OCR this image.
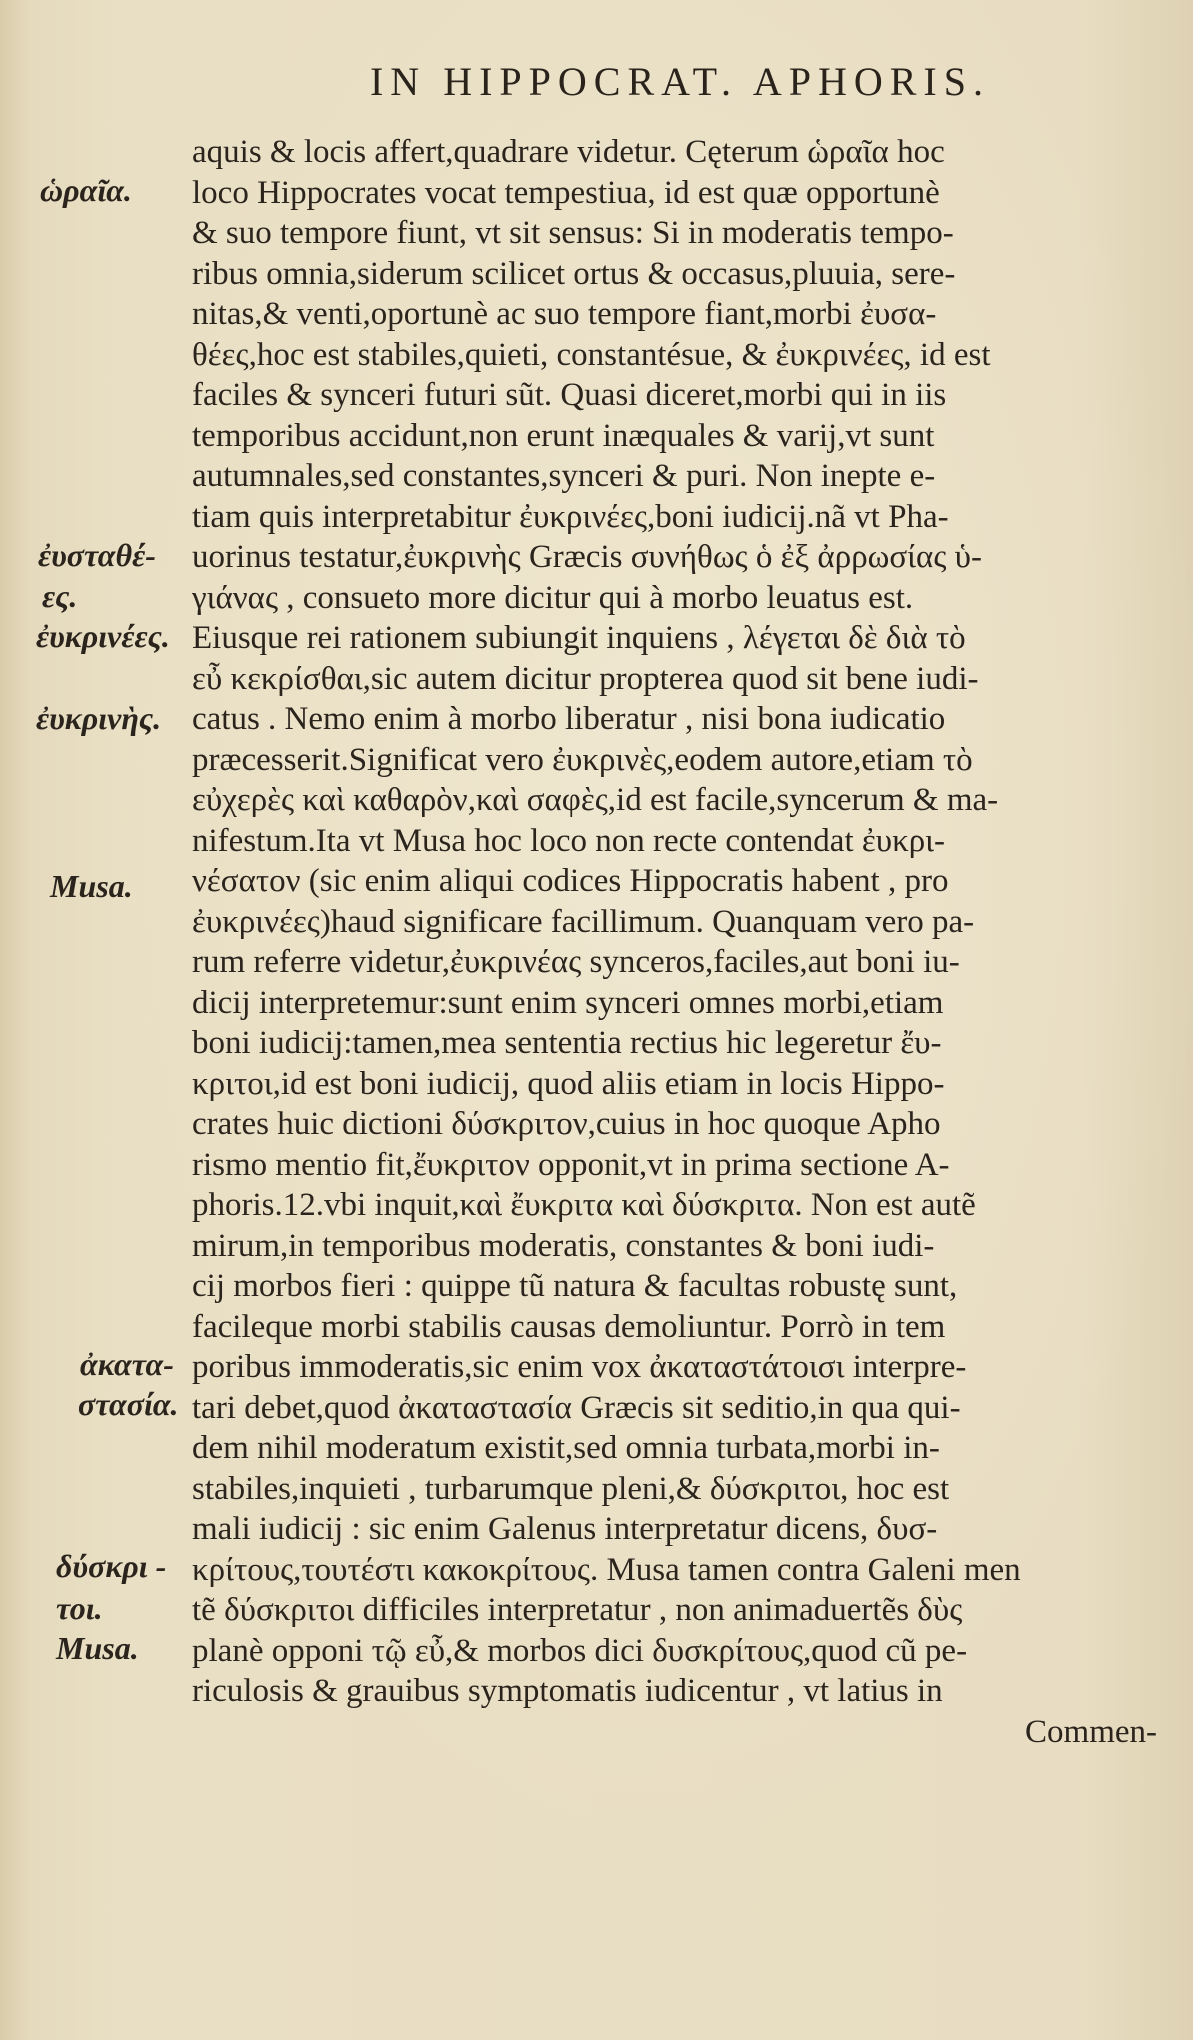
IN HIPPOCRAT. APHORIS.
aquis & locis affert,quadrare videtur. Cęterum ὡραῖα hoc
loco Hippocrates vocat tempestiua, id est quæ opportunè
& suo tempore fiunt, vt sit sensus: Si in moderatis tempo-
ribus omnia,siderum scilicet ortus & occasus,pluuia, sere-
nitas,& venti,oportunè ac suo tempore fiant,morbi ἐυσα-
θέες,hoc est stabiles,quieti, constantésue, & ἐυκρινέες, id est
faciles & synceri futuri sũt. Quasi diceret,morbi qui in iis
temporibus accidunt,non erunt inæquales & varij,vt sunt
autumnales,sed constantes,synceri & puri. Non inepte e-
tiam quis interpretabitur ἐυκρινέες,boni iudicij.nã vt Pha-
uorinus testatur,ἐυκρινὴς Græcis συνήθως ὁ ἐξ ἀρρωσίας ὑ-
γιάνας , consueto more dicitur qui à morbo leuatus est.
Eiusque rei rationem subiungit inquiens , λέγεται δὲ διὰ τὸ
εὖ κεκρίσθαι,sic autem dicitur propterea quod sit bene iudi-
catus . Nemo enim à morbo liberatur , nisi bona iudicatio
præcesserit.Significat vero ἐυκρινὲς,eodem autore,etiam τὸ
εὐχερὲς καὶ καθαρὸν,καὶ σαφὲς,id est facile,syncerum & ma-
nifestum.Ita vt Musa hoc loco non recte contendat ἐυκρι-
νέσατον (sic enim aliqui codices Hippocratis habent , pro
ἐυκρινέες)haud significare facillimum. Quanquam vero pa-
rum referre videtur,ἐυκρινέας synceros,faciles,aut boni iu-
dicij interpretemur:sunt enim synceri omnes morbi,etiam
boni iudicij:tamen,mea sententia rectius hic legeretur ἔυ-
κριτοι,id est boni iudicij, quod aliis etiam in locis Hippo-
crates huic dictioni δύσκριτον,cuius in hoc quoque Apho
rismo mentio fit,ἔυκριτον opponit,vt in prima sectione A-
phoris.12.vbi inquit,καὶ ἔυκριτα καὶ δύσκριτα. Non est autẽ
mirum,in temporibus moderatis, constantes & boni iudi-
cij morbos fieri : quippe tũ natura & facultas robustę sunt,
facileque morbi stabilis causas demoliuntur. Porrò in tem
poribus immoderatis,sic enim vox ἀκαταστάτοισι interpre-
tari debet,quod ἀκαταστασία Græcis sit seditio,in qua qui-
dem nihil moderatum existit,sed omnia turbata,morbi in-
stabiles,inquieti , turbarumque pleni,& δύσκριτοι, hoc est
mali iudicij : sic enim Galenus interpretatur dicens, δυσ-
κρίτους,τουτέστι κακοκρίτους. Musa tamen contra Galeni men
tẽ δύσκριτοι difficiles interpretatur , non animaduertẽs δὺς
planè opponi τῷ εὖ,& morbos dici δυσκρίτους,quod cũ pe-
riculosis & grauibus symptomatis iudicentur , vt latius in
Commen-
ὡραῖα.
ἐυσταθέ-
ες.
ἐυκρινέες.
ἐυκρινὴς.
Musa.
ἀκατα-
στασία.
δύσκρι -
τοι.
Musa.
